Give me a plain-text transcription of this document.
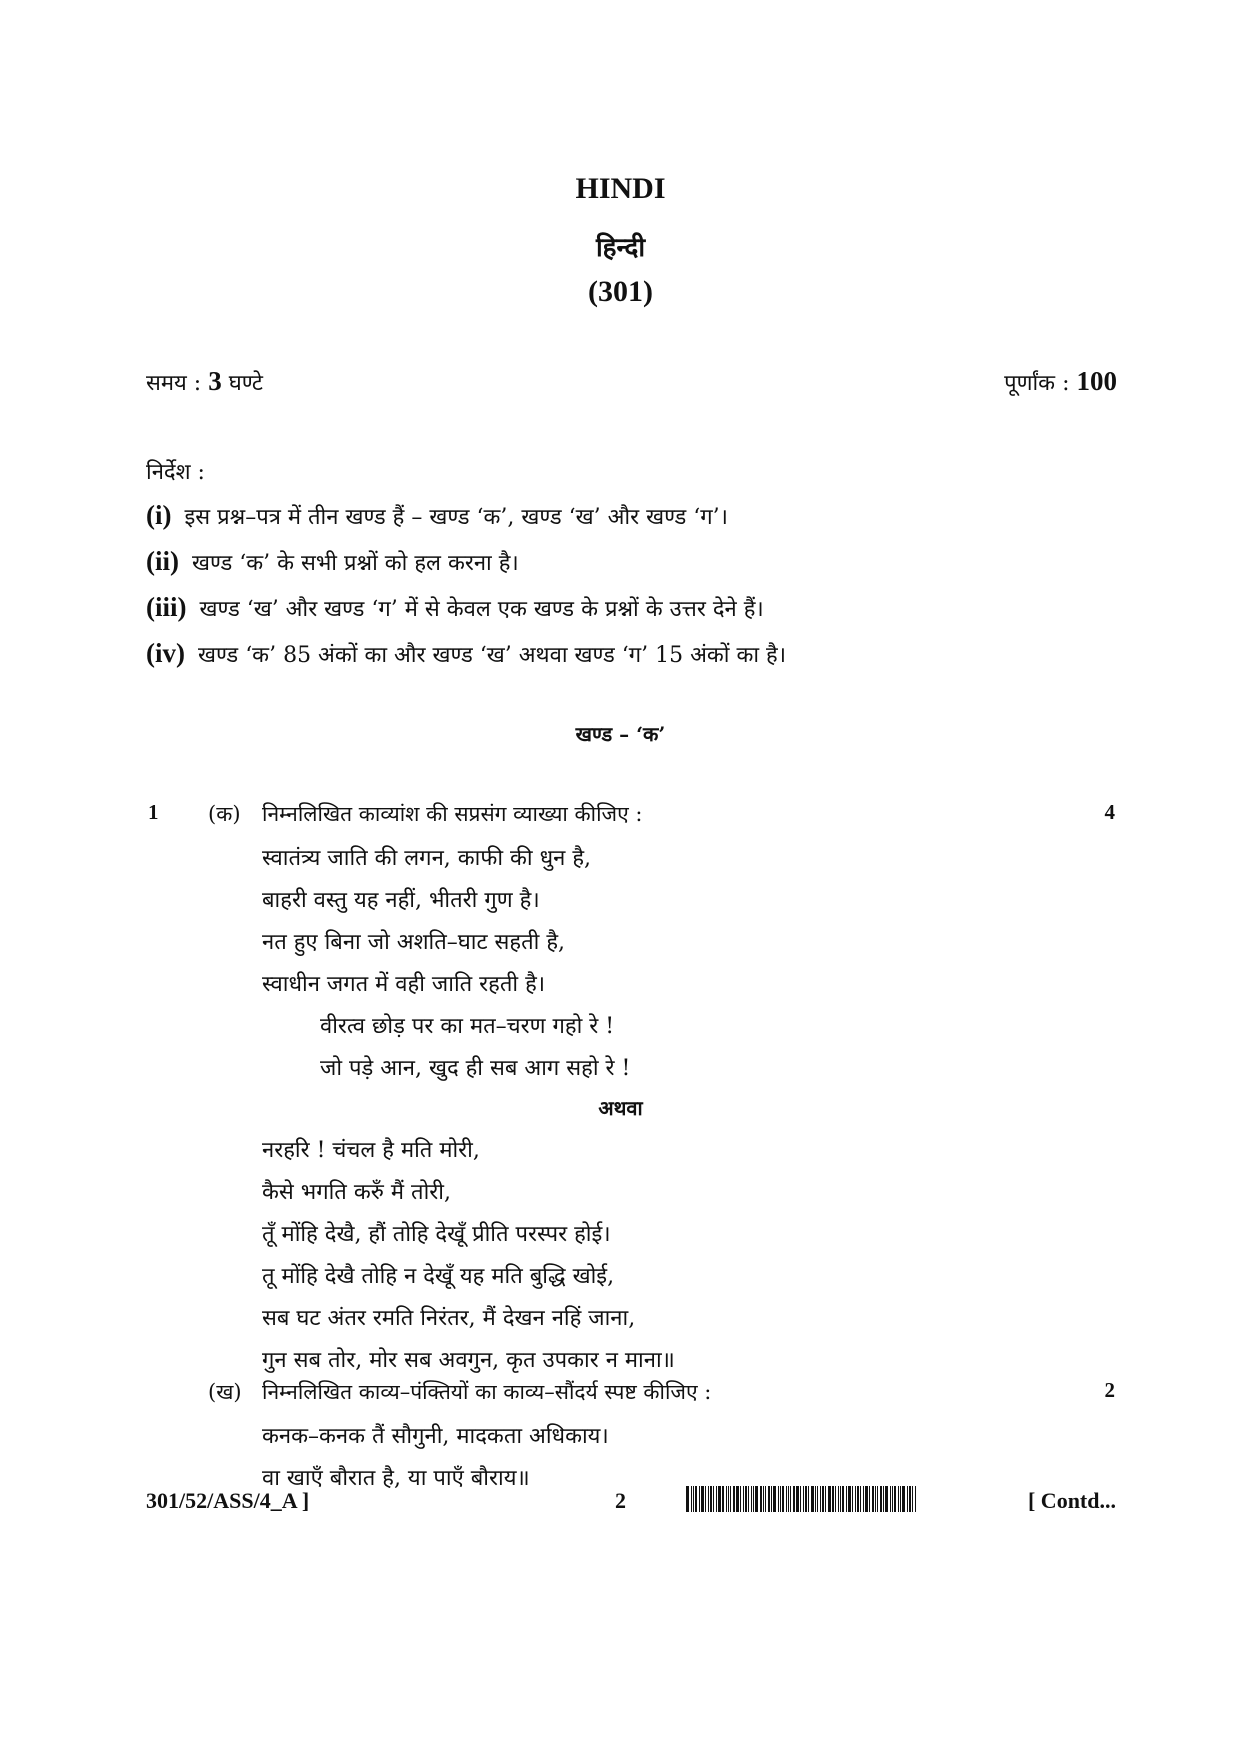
HINDI
हिन्दी
(301)
समय : 3 घण्टे	पूर्णांक : 100
निर्देश :
(i) इस प्रश्न–पत्र में तीन खण्ड हैं – खण्ड ‘क’, खण्ड ‘ख’ और खण्ड ‘ग’।
(ii) खण्ड ‘क’ के सभी प्रश्नों को हल करना है।
(iii) खण्ड ‘ख’ और खण्ड ‘ग’ में से केवल एक खण्ड के प्रश्नों के उत्तर देने हैं।
(iv) खण्ड ‘क’ 85 अंकों का और खण्ड ‘ख’ अथवा खण्ड ‘ग’ 15 अंकों का है।
खण्ड – ‘क’
1 (क) निम्नलिखित काव्यांश की सप्रसंग व्याख्या कीजिए :	4
स्वातंत्र्य जाति की लगन, काफी की धुन है,
बाहरी वस्तु यह नहीं, भीतरी गुण है।
नत हुए बिना जो अशति–घाट सहती है,
स्वाधीन जगत में वही जाति रहती है।
वीरत्व छोड़ पर का मत–चरण गहो रे !
जो पड़े आन, खुद ही सब आग सहो रे !
अथवा
नरहरि ! चंचल है मति मोरी,
कैसे भगति करुँ मैं तोरी,
तूँ मोंहि देखै, हौं तोहि देखूँ प्रीति परस्पर होई।
तू मोंहि देखै तोहि न देखूँ यह मति बुद्धि खोई,
सब घट अंतर रमति निरंतर, मैं देखन नहिं जाना,
गुन सब तोर, मोर सब अवगुन, कृत उपकार न माना॥
(ख) निम्नलिखित काव्य–पंक्तियों का काव्य–सौंदर्य स्पष्ट कीजिए :	2
कनक–कनक तैं सौगुनी, मादकता अधिकाय।
वा खाएँ बौरात है, या पाएँ बौराय॥
301/52/ASS/4_A ]	2	[ Contd...
